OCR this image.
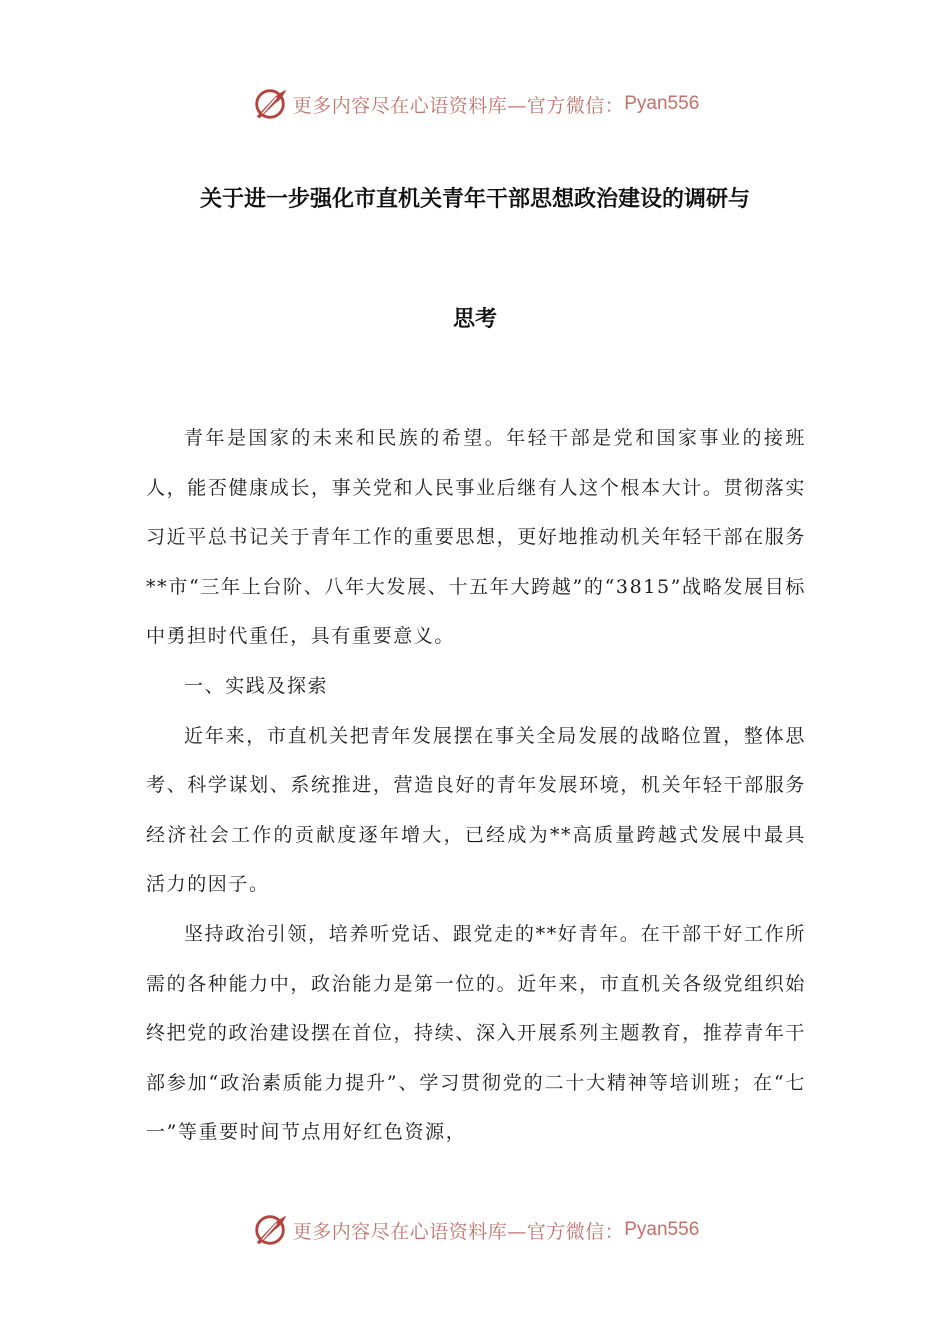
更多内容尽在心语资料库—官方微信： Pyan556
关于进一步强化市直机关青年干部思想政治建设的调研与
思考

青年是国家的未来和民族的希望。年轻干部是党和国家事业的接班人，能否健康成长，事关党和人民事业后继有人这个根本大计。贯彻落实习近平总书记关于青年工作的重要思想，更好地推动机关年轻干部在服务**市“三年上台阶、八年大发展、十五年大跨越”的“3815”战略发展目标中勇担时代重任，具有重要意义。

一、实践及探索

近年来，市直机关把青年发展摆在事关全局发展的战略位置，整体思考、科学谋划、系统推进，营造良好的青年发展环境，机关年轻干部服务经济社会工作的贡献度逐年增大，已经成为**高质量跨越式发展中最具活力的因子。

坚持政治引领，培养听党话、跟党走的**好青年。在干部干好工作所需的各种能力中，政治能力是第一位的。近年来，市直机关各级党组织始终把党的政治建设摆在首位，持续、深入开展系列主题教育，推荐青年干部参加“政治素质能力提升”、学习贯彻党的二十大精神等培训班；在“七一”等重要时间节点用好红色资源，

更多内容尽在心语资料库—官方微信： Pyan556
